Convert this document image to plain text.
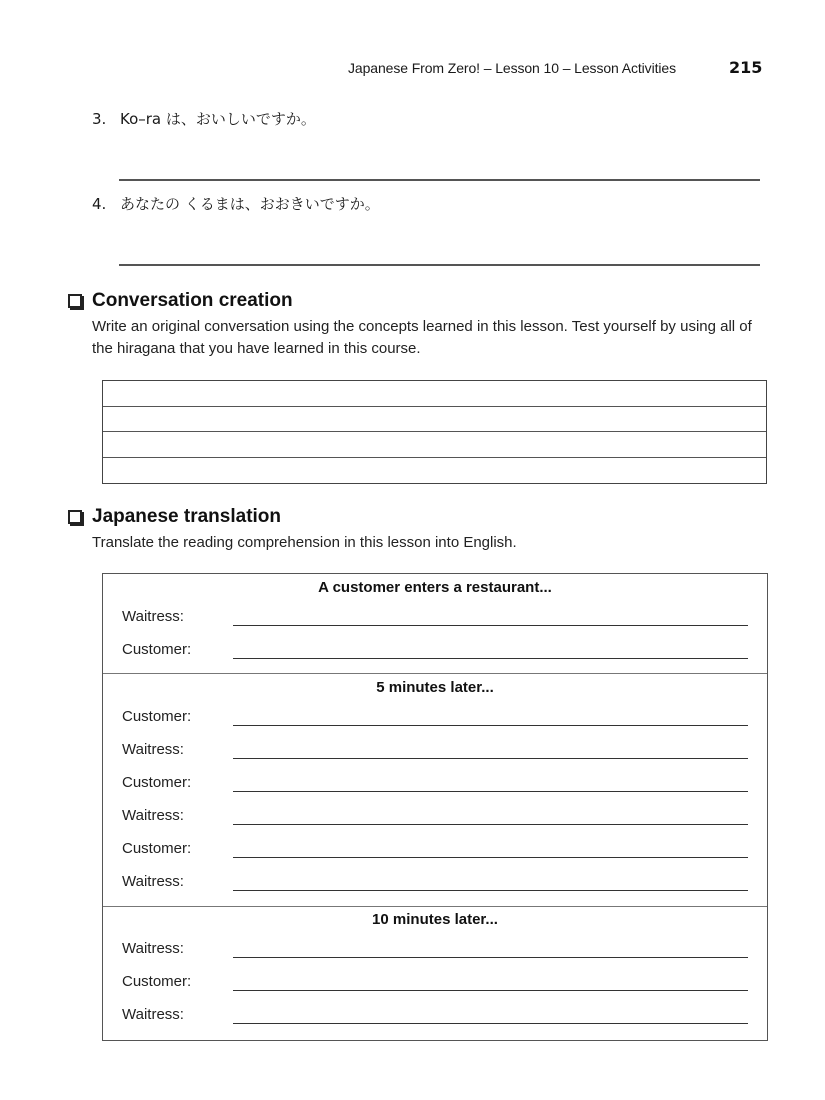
Japanese From Zero! – Lesson 10 – Lesson Activities	215
3. Ko–ra は、おいしいですか。
4. あなたの くるまは、おおきいですか。
Conversation creation
Write an original conversation using the concepts learned in this lesson. Test yourself by using all of the hiragana that you have learned in this course.
Japanese translation
Translate the reading comprehension in this lesson into English.
A customer enters a restaurant...
Waitress:
Customer:
5 minutes later...
Customer:
Waitress:
Customer:
Waitress:
Customer:
Waitress:
10 minutes later...
Waitress:
Customer:
Waitress:
